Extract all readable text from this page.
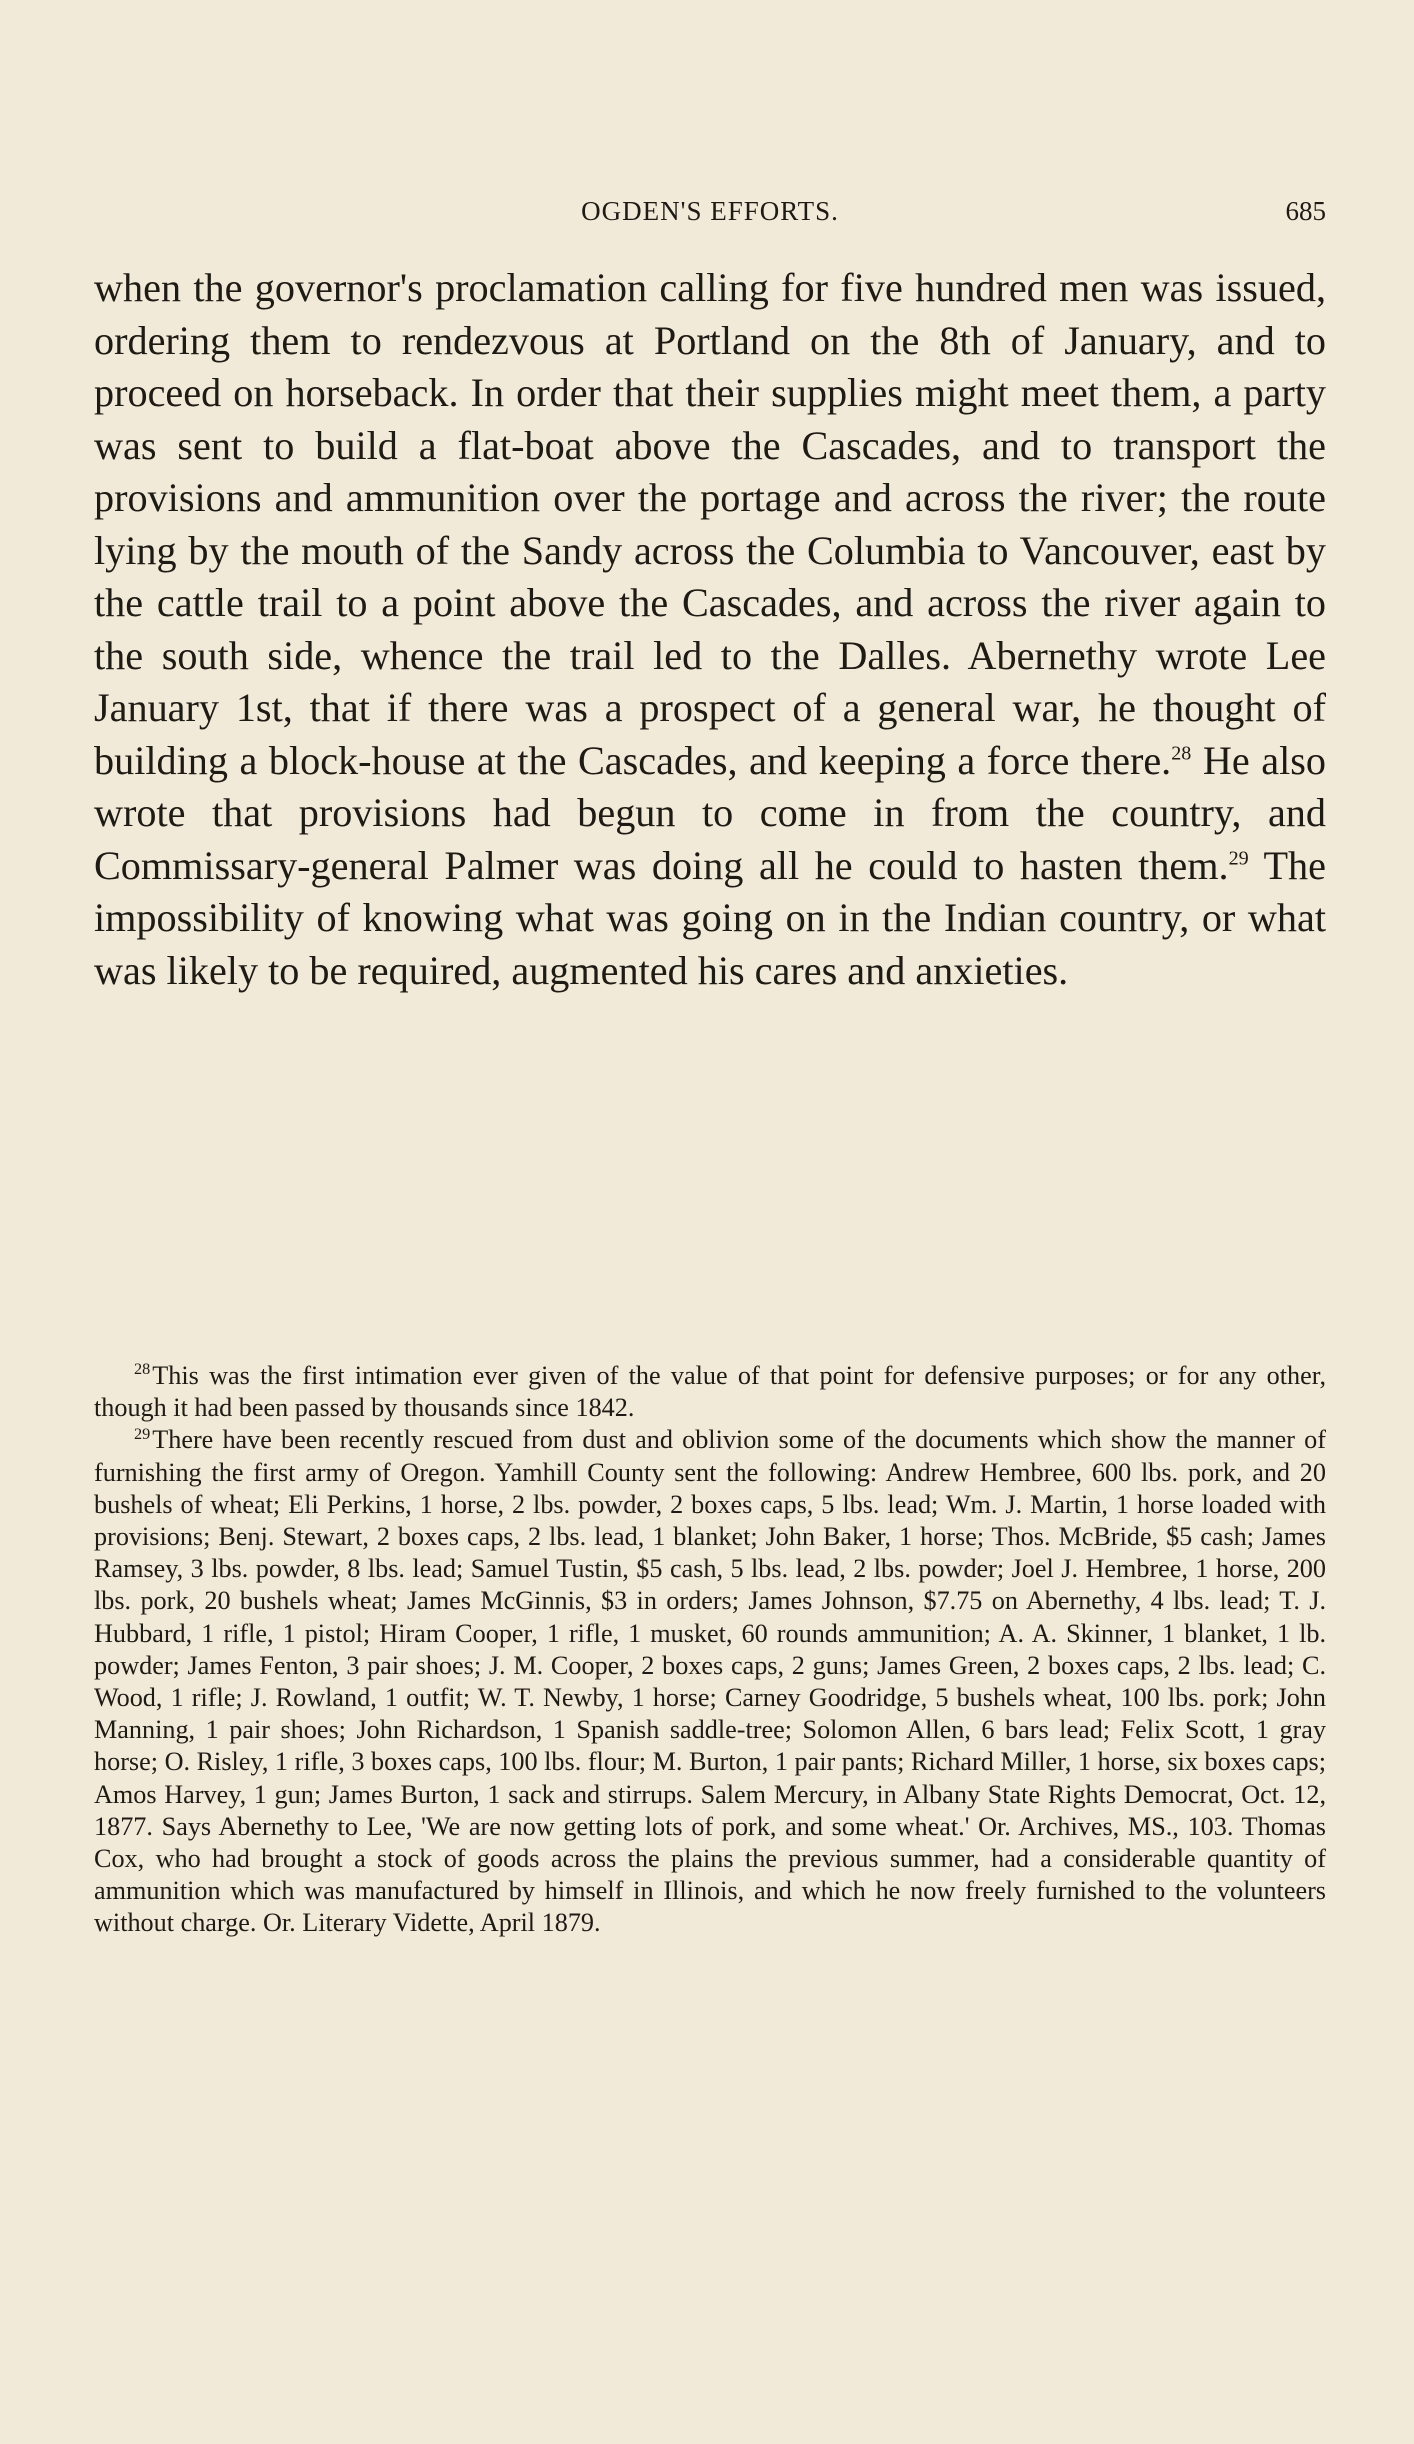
OGDEN'S EFFORTS.	685

when the governor's proclamation calling for five hundred men was issued, ordering them to rendezvous at Portland on the 8th of January, and to proceed on horseback. In order that their supplies might meet them, a party was sent to build a flat-boat above the Cascades, and to transport the provisions and ammunition over the portage and across the river; the route lying by the mouth of the Sandy across the Columbia to Vancouver, east by the cattle trail to a point above the Cascades, and across the river again to the south side, whence the trail led to the Dalles. Abernethy wrote Lee January 1st, that if there was a prospect of a general war, he thought of building a block-house at the Cascades, and keeping a force there.$^{28}$ He also wrote that provisions had begun to come in from the country, and Commissary-general Palmer was doing all he could to hasten them.$^{29}$ The impossibility of knowing what was going on in the Indian country, or what was likely to be required, augmented his cares and anxieties.

$^{28}$This was the first intimation ever given of the value of that point for defensive purposes; or for any other, though it had been passed by thousands since 1842.

$^{29}$There have been recently rescued from dust and oblivion some of the documents which show the manner of furnishing the first army of Oregon. Yamhill County sent the following: Andrew Hembree, 600 lbs. pork, and 20 bushels of wheat; Eli Perkins, 1 horse, 2 lbs. powder, 2 boxes caps, 5 lbs. lead; Wm. J. Martin, 1 horse loaded with provisions; Benj. Stewart, 2 boxes caps, 2 lbs. lead, 1 blanket; John Baker, 1 horse; Thos. McBride, $5 cash; James Ramsey, 3 lbs. powder, 8 lbs. lead; Samuel Tustin, $5 cash, 5 lbs. lead, 2 lbs. powder; Joel J. Hembree, 1 horse, 200 lbs. pork, 20 bushels wheat; James McGinnis, $3 in orders; James Johnson, $7.75 on Abernethy, 4 lbs. lead; T. J. Hubbard, 1 rifle, 1 pistol; Hiram Cooper, 1 rifle, 1 musket, 60 rounds ammunition; A. A. Skinner, 1 blanket, 1 lb. powder; James Fenton, 3 pair shoes; J. M. Cooper, 2 boxes caps, 2 guns; James Green, 2 boxes caps, 2 lbs. lead; C. Wood, 1 rifle; J. Rowland, 1 outfit; W. T. Newby, 1 horse; Carney Goodridge, 5 bushels wheat, 100 lbs. pork; John Manning, 1 pair shoes; John Richardson, 1 Spanish saddle-tree; Solomon Allen, 6 bars lead; Felix Scott, 1 gray horse; O. Risley, 1 rifle, 3 boxes caps, 100 lbs. flour; M. Burton, 1 pair pants; Richard Miller, 1 horse, six boxes caps; Amos Harvey, 1 gun; James Burton, 1 sack and stirrups. Salem Mercury, in Albany State Rights Democrat, Oct. 12, 1877. Says Abernethy to Lee, 'We are now getting lots of pork, and some wheat.' Or. Archives, MS., 103. Thomas Cox, who had brought a stock of goods across the plains the previous summer, had a considerable quantity of ammunition which was manufactured by himself in Illinois, and which he now freely furnished to the volunteers without charge. Or. Literary Vidette, April 1879.
